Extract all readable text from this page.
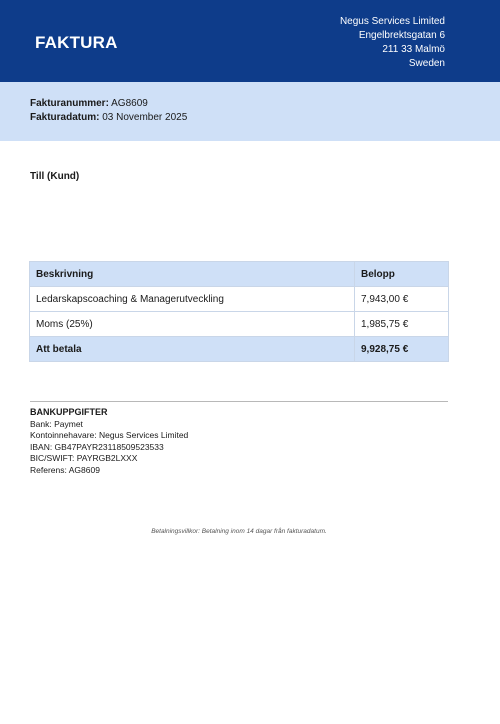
FAKTURA
Negus Services Limited
Engelbrektsgatan 6
211 33 Malmö
Sweden
Fakturanummer: AG8609
Fakturadatum: 03 November 2025
Till (Kund)
Beskrivning	Belopp
Ledarskapscoaching & Managerutveckling	7,943,00 €
Moms (25%)	1,985,75 €
Att betala	9,928,75 €
BANKUPPGIFTER
Bank: Paymet
Kontoinnehavare: Negus Services Limited
IBAN: GB47PAYR23118509523533
BIC/SWIFT: PAYRGB2LXXX
Referens: AG8609
Betalningsvillkor: Betalning inom 14 dagar från fakturadatum.
